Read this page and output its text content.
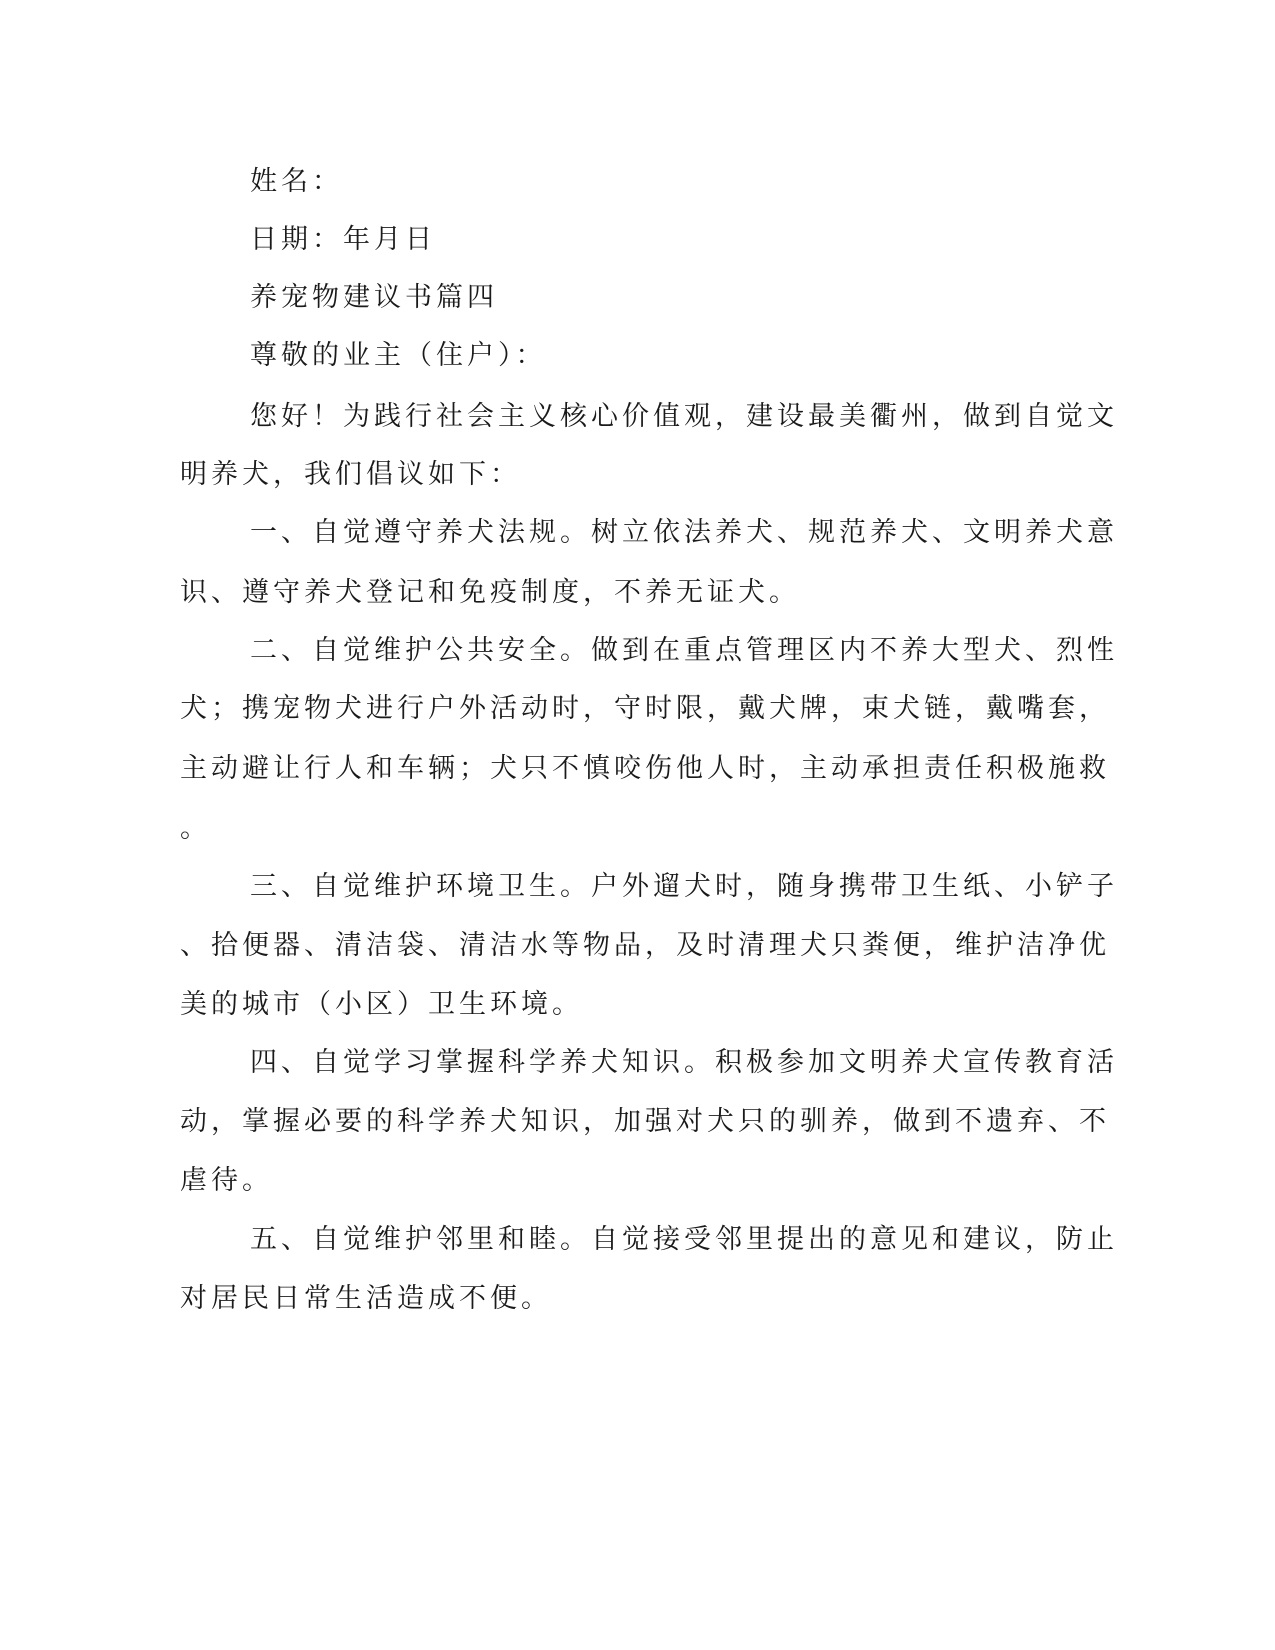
姓名：
日期：年月日
养宠物建议书篇四
尊敬的业主（住户）：
您好！为践行社会主义核心价值观，建设最美衢州，做到自觉文
明养犬，我们倡议如下：
一、自觉遵守养犬法规。树立依法养犬、规范养犬、文明养犬意
识、遵守养犬登记和免疫制度，不养无证犬。
二、自觉维护公共安全。做到在重点管理区内不养大型犬、烈性
犬；携宠物犬进行户外活动时，守时限，戴犬牌，束犬链，戴嘴套，
主动避让行人和车辆；犬只不慎咬伤他人时，主动承担责任积极施救
。
三、自觉维护环境卫生。户外遛犬时，随身携带卫生纸、小铲子
、拾便器、清洁袋、清洁水等物品，及时清理犬只粪便，维护洁净优
美的城市（小区）卫生环境。
四、自觉学习掌握科学养犬知识。积极参加文明养犬宣传教育活
动，掌握必要的科学养犬知识，加强对犬只的驯养，做到不遗弃、不
虐待。
五、自觉维护邻里和睦。自觉接受邻里提出的意见和建议，防止
对居民日常生活造成不便。
